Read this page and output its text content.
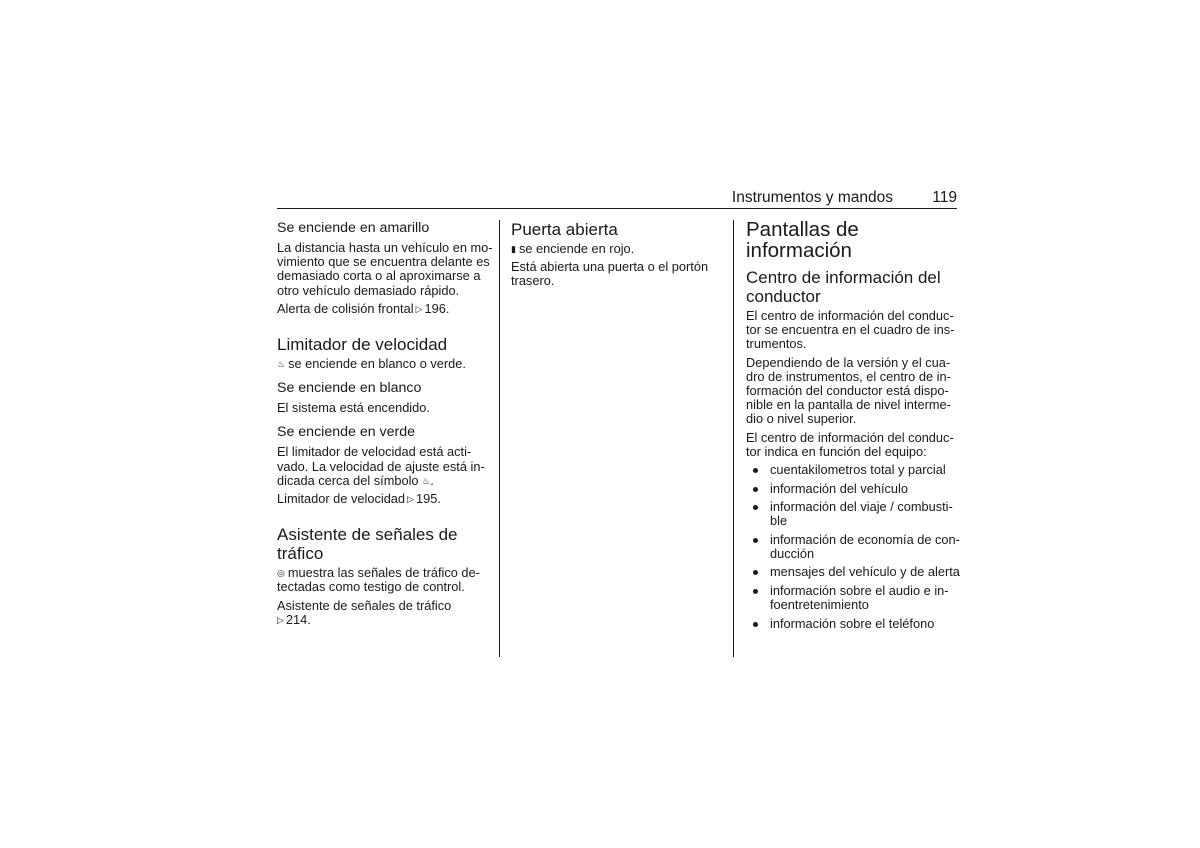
Instrumentos y mandos	119
Se enciende en amarillo
La distancia hasta un vehículo en mo-
vimiento que se encuentra delante es
demasiado corta o al aproximarse a
otro vehículo demasiado rápido.
Alerta de colisión frontal ▷ 196.
Limitador de velocidad
♨ se enciende en blanco o verde.
Se enciende en blanco
El sistema está encendido.
Se enciende en verde
El limitador de velocidad está acti-
vado. La velocidad de ajuste está in-
dicada cerca del símbolo ♨.
Limitador de velocidad ▷ 195.
Asistente de señales de
tráfico
◎ muestra las señales de tráfico de-
tectadas como testigo de control.
Asistente de señales de tráfico
▷ 214.
Puerta abierta
▮ se enciende en rojo.
Está abierta una puerta o el portón
trasero.
Pantallas de
información
Centro de información del
conductor
El centro de información del conduc-
tor se encuentra en el cuadro de ins-
trumentos.
Dependiendo de la versión y el cua-
dro de instrumentos, el centro de in-
formación del conductor está dispo-
nible en la pantalla de nivel interme-
dio o nivel superior.
El centro de información del conduc-
tor indica en función del equipo:
cuentakilometros total y parcial
información del vehículo
información del viaje / combusti-
ble
información de economía de con-
ducción
mensajes del vehículo y de alerta
información sobre el audio e in-
foentretenimiento
información sobre el teléfono
